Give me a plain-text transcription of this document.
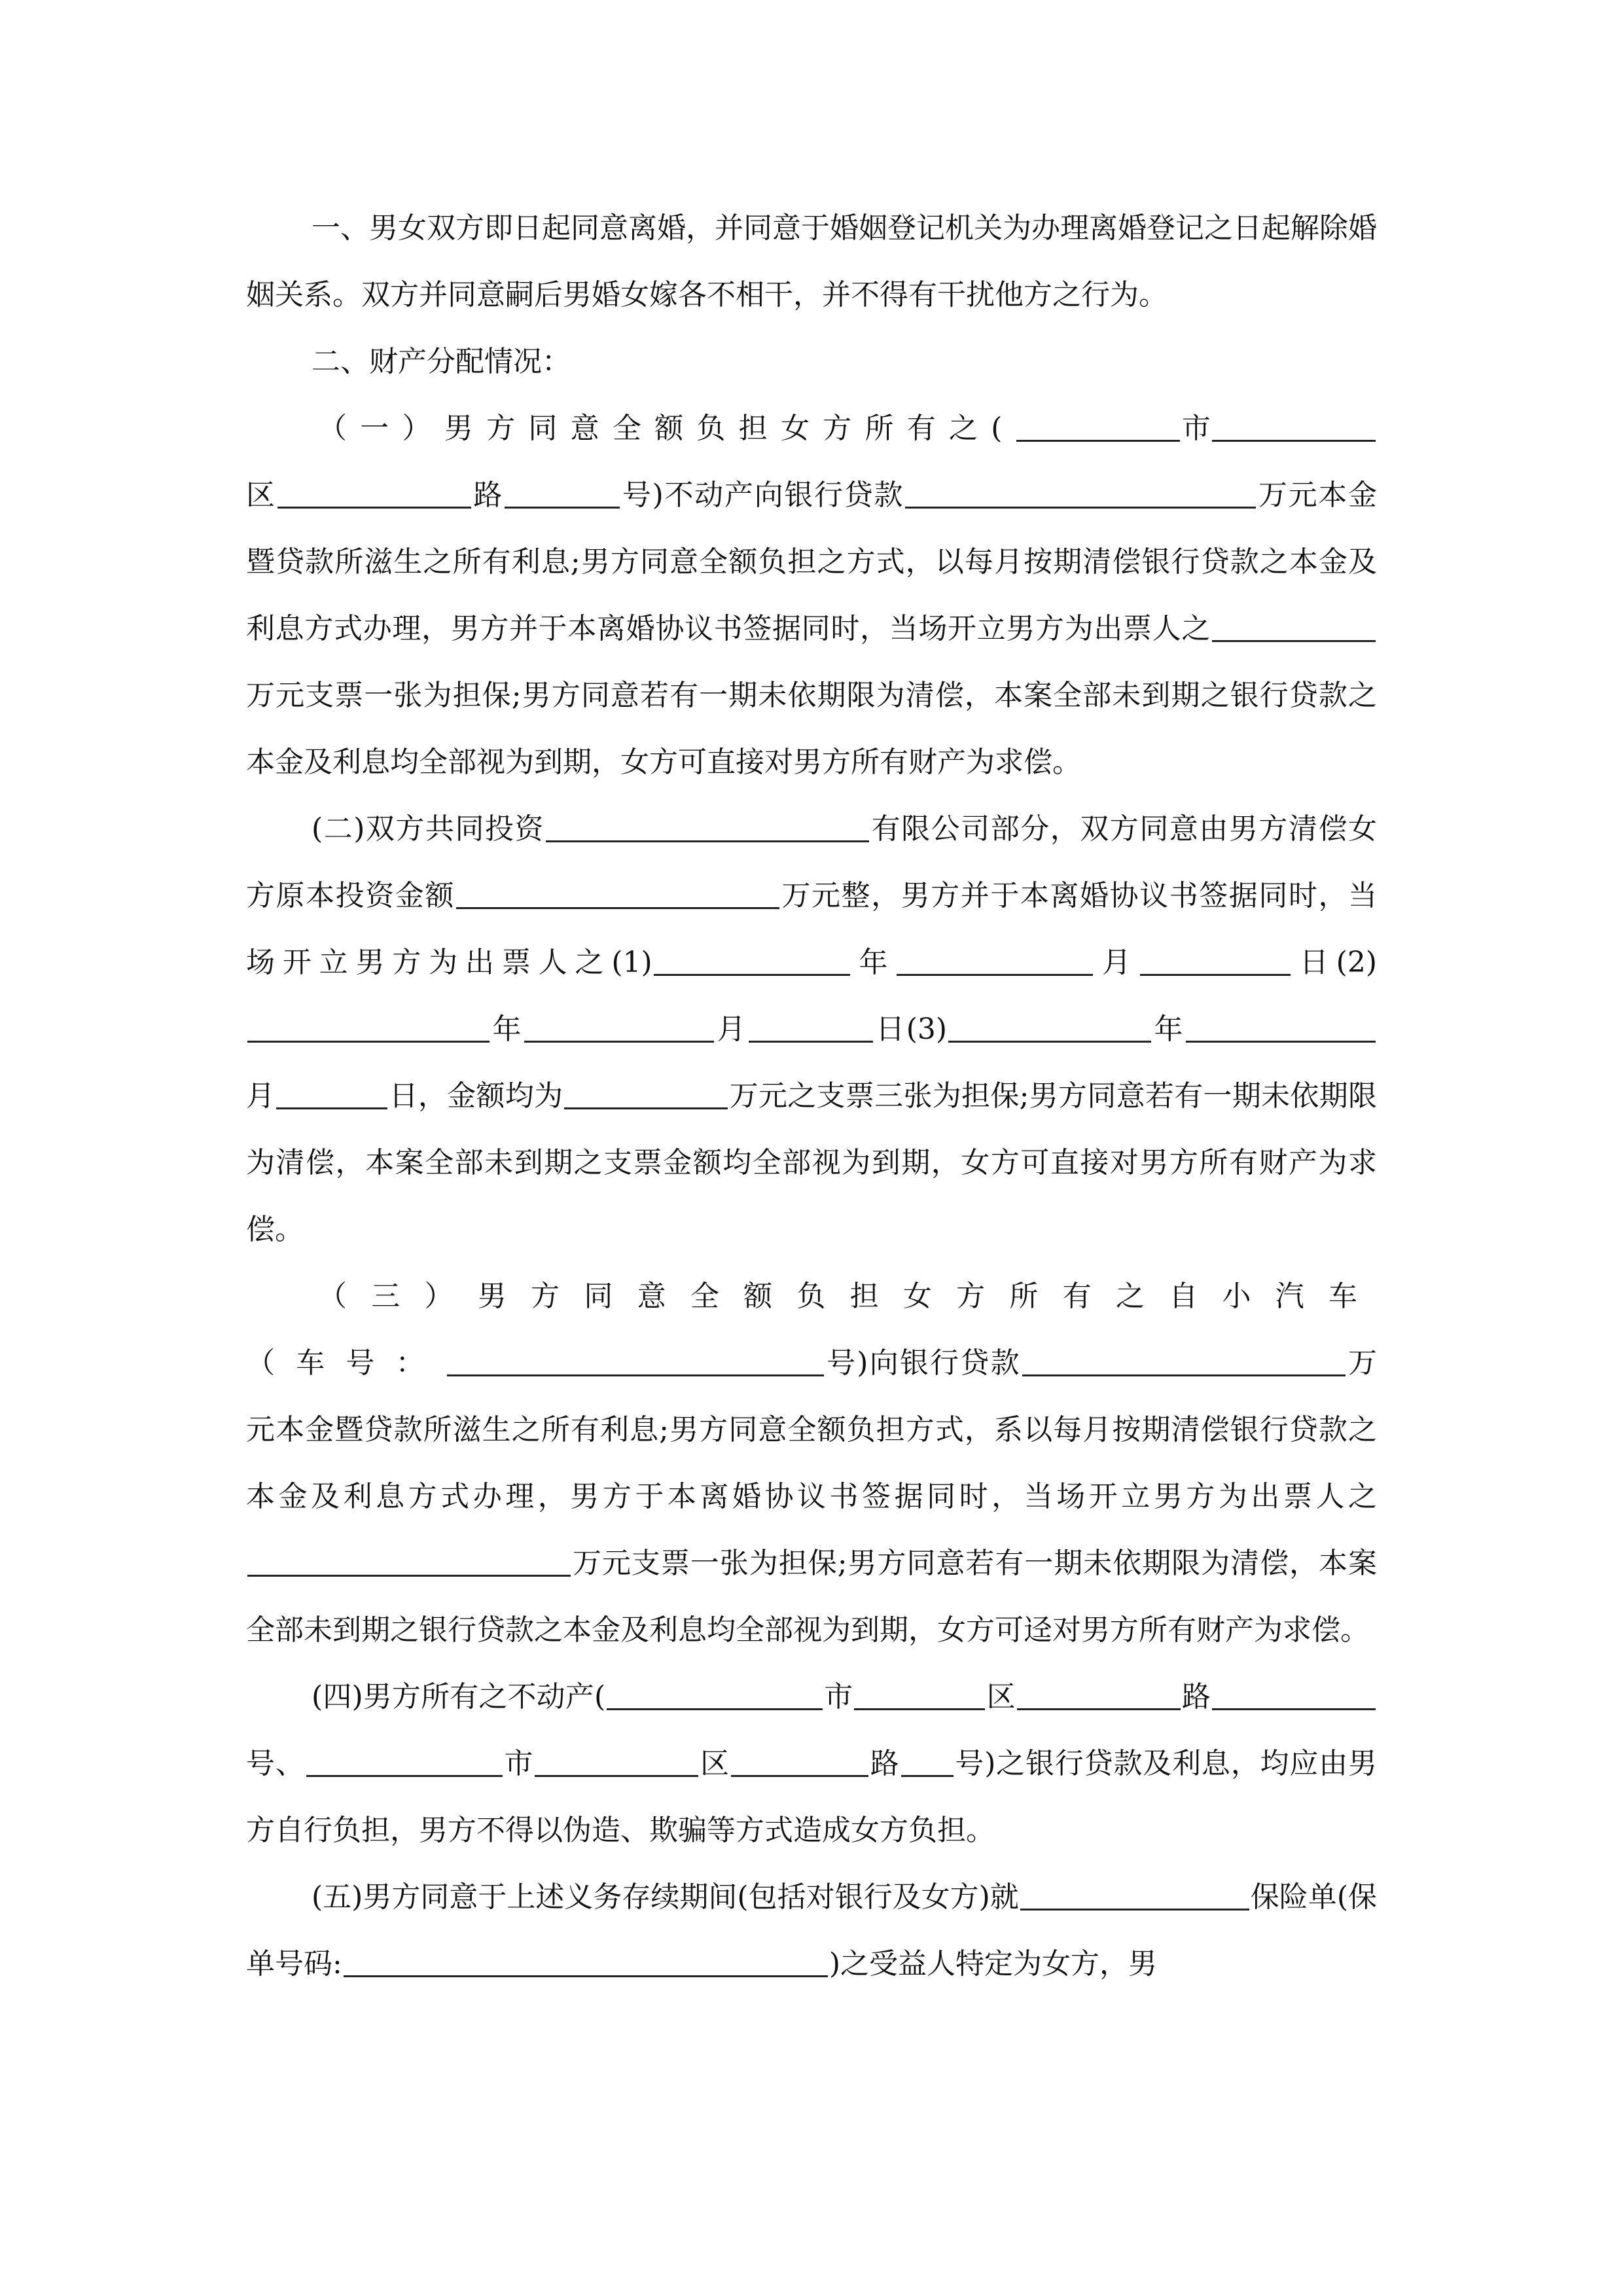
一、男女双方即日起同意离婚，并同意于婚姻登记机关为办理离婚登记之日起解除婚姻关系。双方并同意嗣后男婚女嫁各不相干，并不得有干扰他方之行为。

二、财产分配情况：

（一）男方同意全额负担女方所有之(	市区	路	号)不动产向银行贷款	万元本金暨贷款所滋生之所有利息;男方同意全额负担之方式，以每月按期清偿银行贷款之本金及利息方式办理，男方并于本离婚协议书签据同时，当场开立男方为出票人之万元支票一张为担保;男方同意若有一期未依期限为清偿，本案全部未到期之银行贷款之本金及利息均全部视为到期，女方可直接对男方所有财产为求偿。

(二)双方共同投资	有限公司部分，双方同意由男方清偿女方原本投资金额	万元整，男方并于本离婚协议书签据同时，当场开立男方为出票人之(1)	年	月	日(2)年	月	日(3)	年月	日，金额均为	万元之支票三张为担保;男方同意若有一期未依期限为清偿，本案全部未到期之支票金额均全部视为到期，女方可直接对男方所有财产为求偿。

（三）男方同意全额负担女方所有之自小汽车（车号：	号)向银行贷款	万元本金暨贷款所滋生之所有利息;男方同意全额负担方式，系以每月按期清偿银行贷款之本金及利息方式办理，男方于本离婚协议书签据同时，当场开立男方为出票人之万元支票一张为担保;男方同意若有一期未依期限为清偿，本案全部未到期之银行贷款之本金及利息均全部视为到期，女方可迳对男方所有财产为求偿。

(四)男方所有之不动产(	市	区	路号、	市	区	路 号)之银行贷款及利息，均应由男方自行负担，男方不得以伪造、欺骗等方式造成女方负担。

(五)男方同意于上述义务存续期间(包括对银行及女方)就	保险单(保单号码:	)之受益人特定为女方，男
